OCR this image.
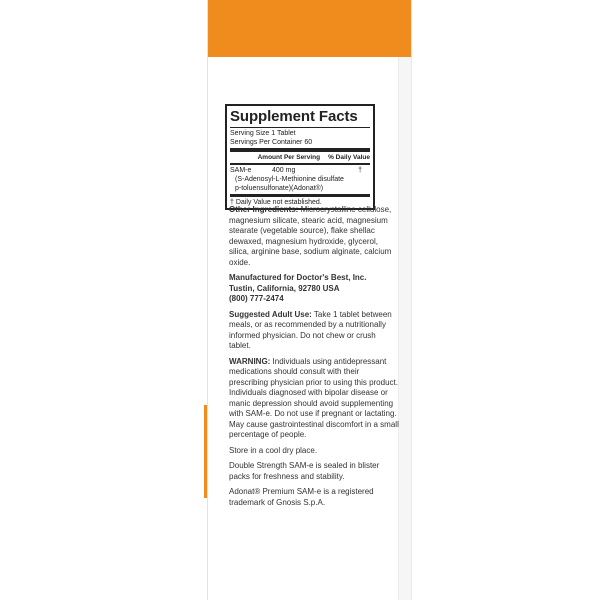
Supplement Facts
Serving Size 1 Tablet
Servings Per Container 60
Amount Per Serving % Daily Value
SAM-e	400 mg	†
(S-Adenosyl-L-Methionine disulfate
p-toluensulfonate)(Adonat®)
† Daily Value not established.

Other Ingredients: Microcrystalline cellulose, magnesium silicate, stearic acid, magnesium stearate (vegetable source), flake shellac dewaxed, magnesium hydroxide, glycerol, silica, arginine base, sodium alginate, calcium oxide.

Manufactured for Doctor's Best, Inc.
Tustin, California, 92780 USA
(800) 777-2474

Suggested Adult Use: Take 1 tablet between meals, or as recommended by a nutritionally informed physician. Do not chew or crush tablet.

WARNING: Individuals using antidepressant medications should consult with their prescribing physician prior to using this product. Individuals diagnosed with bipolar disease or manic depression should avoid supplementing with SAM-e. Do not use if pregnant or lactating. May cause gastrointestinal discomfort in a small percentage of people.

Store in a cool dry place.

Double Strength SAM-e is sealed in blister packs for freshness and stability.

Adonat® Premium SAM-e is a registered trademark of Gnosis S.p.A.
